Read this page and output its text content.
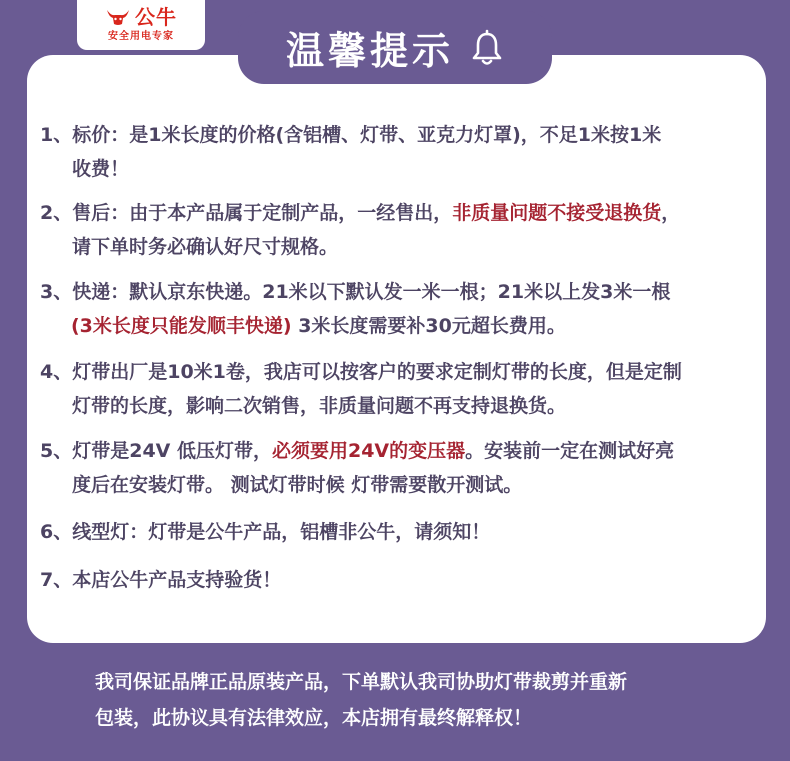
公牛
安全用电专家	温馨提示
1、标价：是1米长度的价格(含铝槽、灯带、亚克力灯罩)，不足1米按1米
收费！
2、售后：由于本产品属于定制产品，一经售出，非质量问题不接受退换货，
请下单时务必确认好尺寸规格。
3、快递：默认京东快递。21米以下默认发一米一根；21米以上发3米一根
(3米长度只能发顺丰快递) 3米长度需要补30元超长费用。
4、灯带出厂是10米1卷，我店可以按客户的要求定制灯带的长度，但是定制
灯带的长度，影响二次销售，非质量问题不再支持退换货。
5、灯带是24V 低压灯带，必须要用24V的变压器。安装前一定在测试好亮
度后在安装灯带。 测试灯带时候 灯带需要散开测试。
6、线型灯：灯带是公牛产品，铝槽非公牛，请须知！
7、本店公牛产品支持验货！
我司保证品牌正品原装产品，下单默认我司协助灯带裁剪并重新
包装，此协议具有法律效应，本店拥有最终解释权！
